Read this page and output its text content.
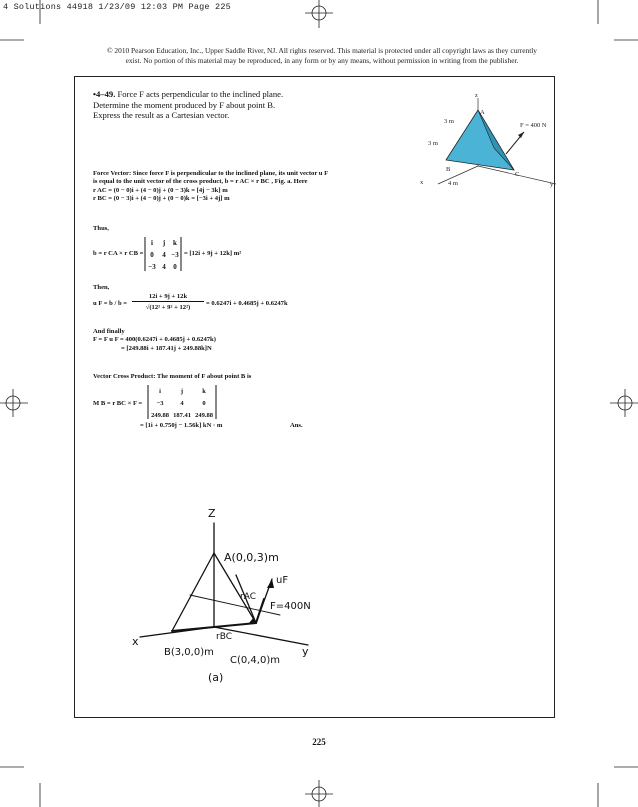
4 Solutions 44918 1/23/09 12:03 PM Page 225
© 2010 Pearson Education, Inc., Upper Saddle River, NJ. All rights reserved. This material is protected under all copyright laws as they currently
exist. No portion of this material may be reproduced, in any form or by any means, without permission in writing from the publisher.
•4–49. Force F acts perpendicular to the inclined plane.
Determine the moment produced by F about point B.
Express the result as a Cartesian vector.
z
A
3 m
3 m
F = 400 N
x
B
4 m
C
y
Force Vector: Since force F is perpendicular to the inclined plane, its unit vector u F
is equal to the unit vector of the cross product, b = r AC × r BC , Fig. a. Here
r AC = (0 − 0)i + (4 − 0)j + (0 − 3)k = [4j − 3k] m
r BC = (0 − 3)i + (4 − 0)j + (0 − 0)k = [−3i + 4j] m
Thus,
b = r CA × r CB =
i j k
0 4 −3
−3 4 0
= [12i + 9j + 12k] m²
Then,
u F = b / b =
12i + 9j + 12k
√(12² + 9² + 12²)
= 0.6247i + 0.4685j + 0.6247k
And finally
F = F u F = 400(0.6247i + 0.4685j + 0.6247k)
= [249.88i + 187.41j + 249.88k]N
Vector Cross Product: The moment of F about point B is
M B = r BC × F =
i	j	k
−3	4	0
249.88 187.41 249.88
= [1i + 0.750j − 1.56k] kN · m	Ans.
Z
A(0,0,3)m
uF
rAC
F=400N
rBC
x
B(3,0,0)m
C(0,4,0)m
y
(a)
225
